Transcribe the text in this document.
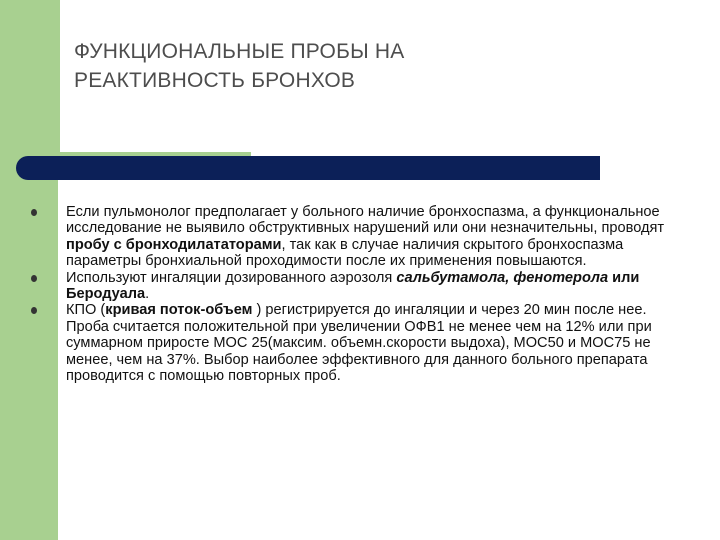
ФУНКЦИОНАЛЬНЫЕ ПРОБЫ НА
РЕАКТИВНОСТЬ БРОНХОВ
Если пульмонолог предполагает у больного наличие бронхоспазма, а функциональное исследование не выявило обструктивных нарушений или они незначительны, проводят пробу с бронходилататорами, так как в случае наличия скрытого бронхоспазма параметры бронхиальной проходимости после их применения повышаются.
Используют ингаляции дозированного аэрозоля сальбутамола, фенотерола или Беродуала.
КПО (кривая поток-объем ) регистрируется до ингаляции и через 20 мин после нее. Проба считается положительной при увеличении ОФВ1 не менее чем на 12% или при суммарном приросте МОС 25(максим. объемн.скорости выдоха), МОС50 и МОС75 не менее, чем на 37%. Выбор наиболее эффективного для данного больного препарата проводится с помощью повторных проб.
